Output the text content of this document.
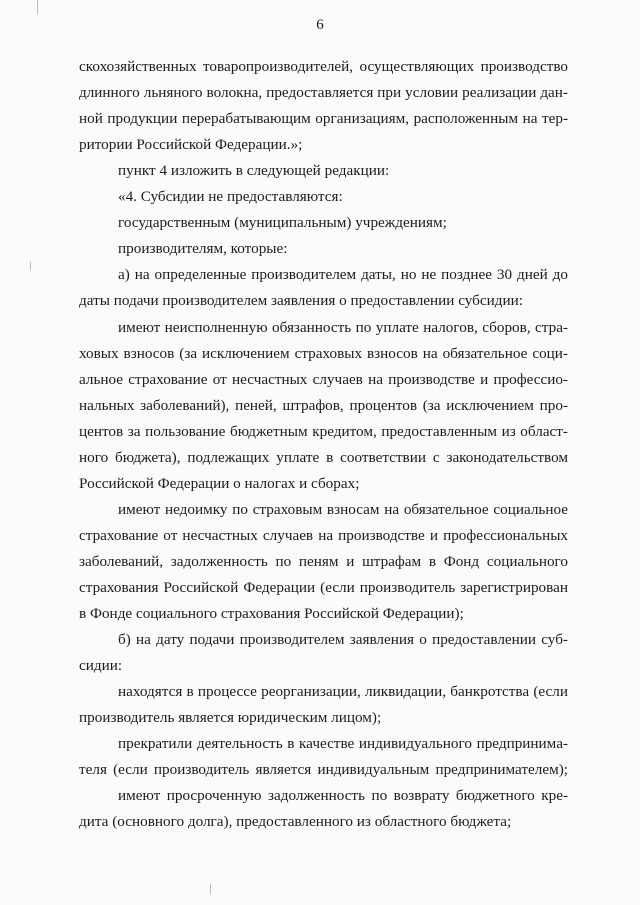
6
скохозяйственных товаропроизводителей, осуществляющих производство
длинного льняного волокна, предоставляется при условии реализации дан-
ной продукции перерабатывающим организациям, расположенным на тер-
ритории Российской Федерации.»;
пункт 4 изложить в следующей редакции:
«4. Субсидии не предоставляются:
государственным (муниципальным) учреждениям;
производителям, которые:
а) на определенные производителем даты, но не позднее 30 дней до
даты подачи производителем заявления о предоставлении субсидии:
имеют неисполненную обязанность по уплате налогов, сборов, стра-
ховых взносов (за исключением страховых взносов на обязательное соци-
альное страхование от несчастных случаев на производстве и профессио-
нальных заболеваний), пеней, штрафов, процентов (за исключением про-
центов за пользование бюджетным кредитом, предоставленным из област-
ного бюджета), подлежащих уплате в соответствии с законодательством
Российской Федерации о налогах и сборах;
имеют недоимку по страховым взносам на обязательное социальное
страхование от несчастных случаев на производстве и профессиональных
заболеваний, задолженность по пеням и штрафам в Фонд социального
страхования Российской Федерации (если производитель зарегистрирован
в Фонде социального страхования Российской Федерации);
б) на дату подачи производителем заявления о предоставлении суб-
сидии:
находятся в процессе реорганизации, ликвидации, банкротства (если
производитель является юридическим лицом);
прекратили деятельность в качестве индивидуального предпринима-
теля (если производитель является индивидуальным предпринимателем);
имеют просроченную задолженность по возврату бюджетного кре-
дита (основного долга), предоставленного из областного бюджета;
